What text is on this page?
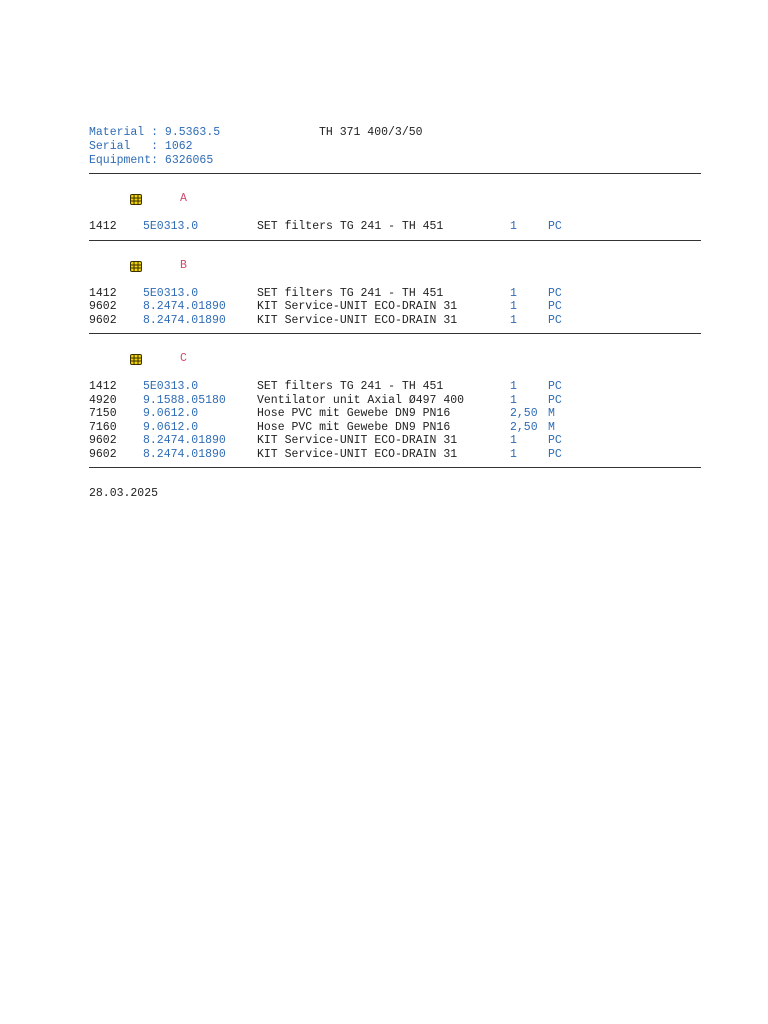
Material : 9.5363.5
Serial   : 1062
Equipment: 6326065
TH 371 400/3/50
A
1412 5E0313.0	SET filters TG 241 - TH 451	1	PC
B
1412 5E0313.0	SET filters TG 241 - TH 451	1	PC
9602 8.2474.01890	KIT Service-UNIT ECO-DRAIN 31	1	PC
9602 8.2474.01890	KIT Service-UNIT ECO-DRAIN 31	1	PC
C
1412 5E0313.0	SET filters TG 241 - TH 451	1	PC
4920 9.1588.05180	Ventilator unit Axial Ø497 400	1	PC
7150 9.0612.0	Hose PVC mit Gewebe DN9 PN16	2,50 M
7160 9.0612.0	Hose PVC mit Gewebe DN9 PN16	2,50 M
9602 8.2474.01890	KIT Service-UNIT ECO-DRAIN 31	1	PC
9602 8.2474.01890	KIT Service-UNIT ECO-DRAIN 31	1	PC
28.03.2025
